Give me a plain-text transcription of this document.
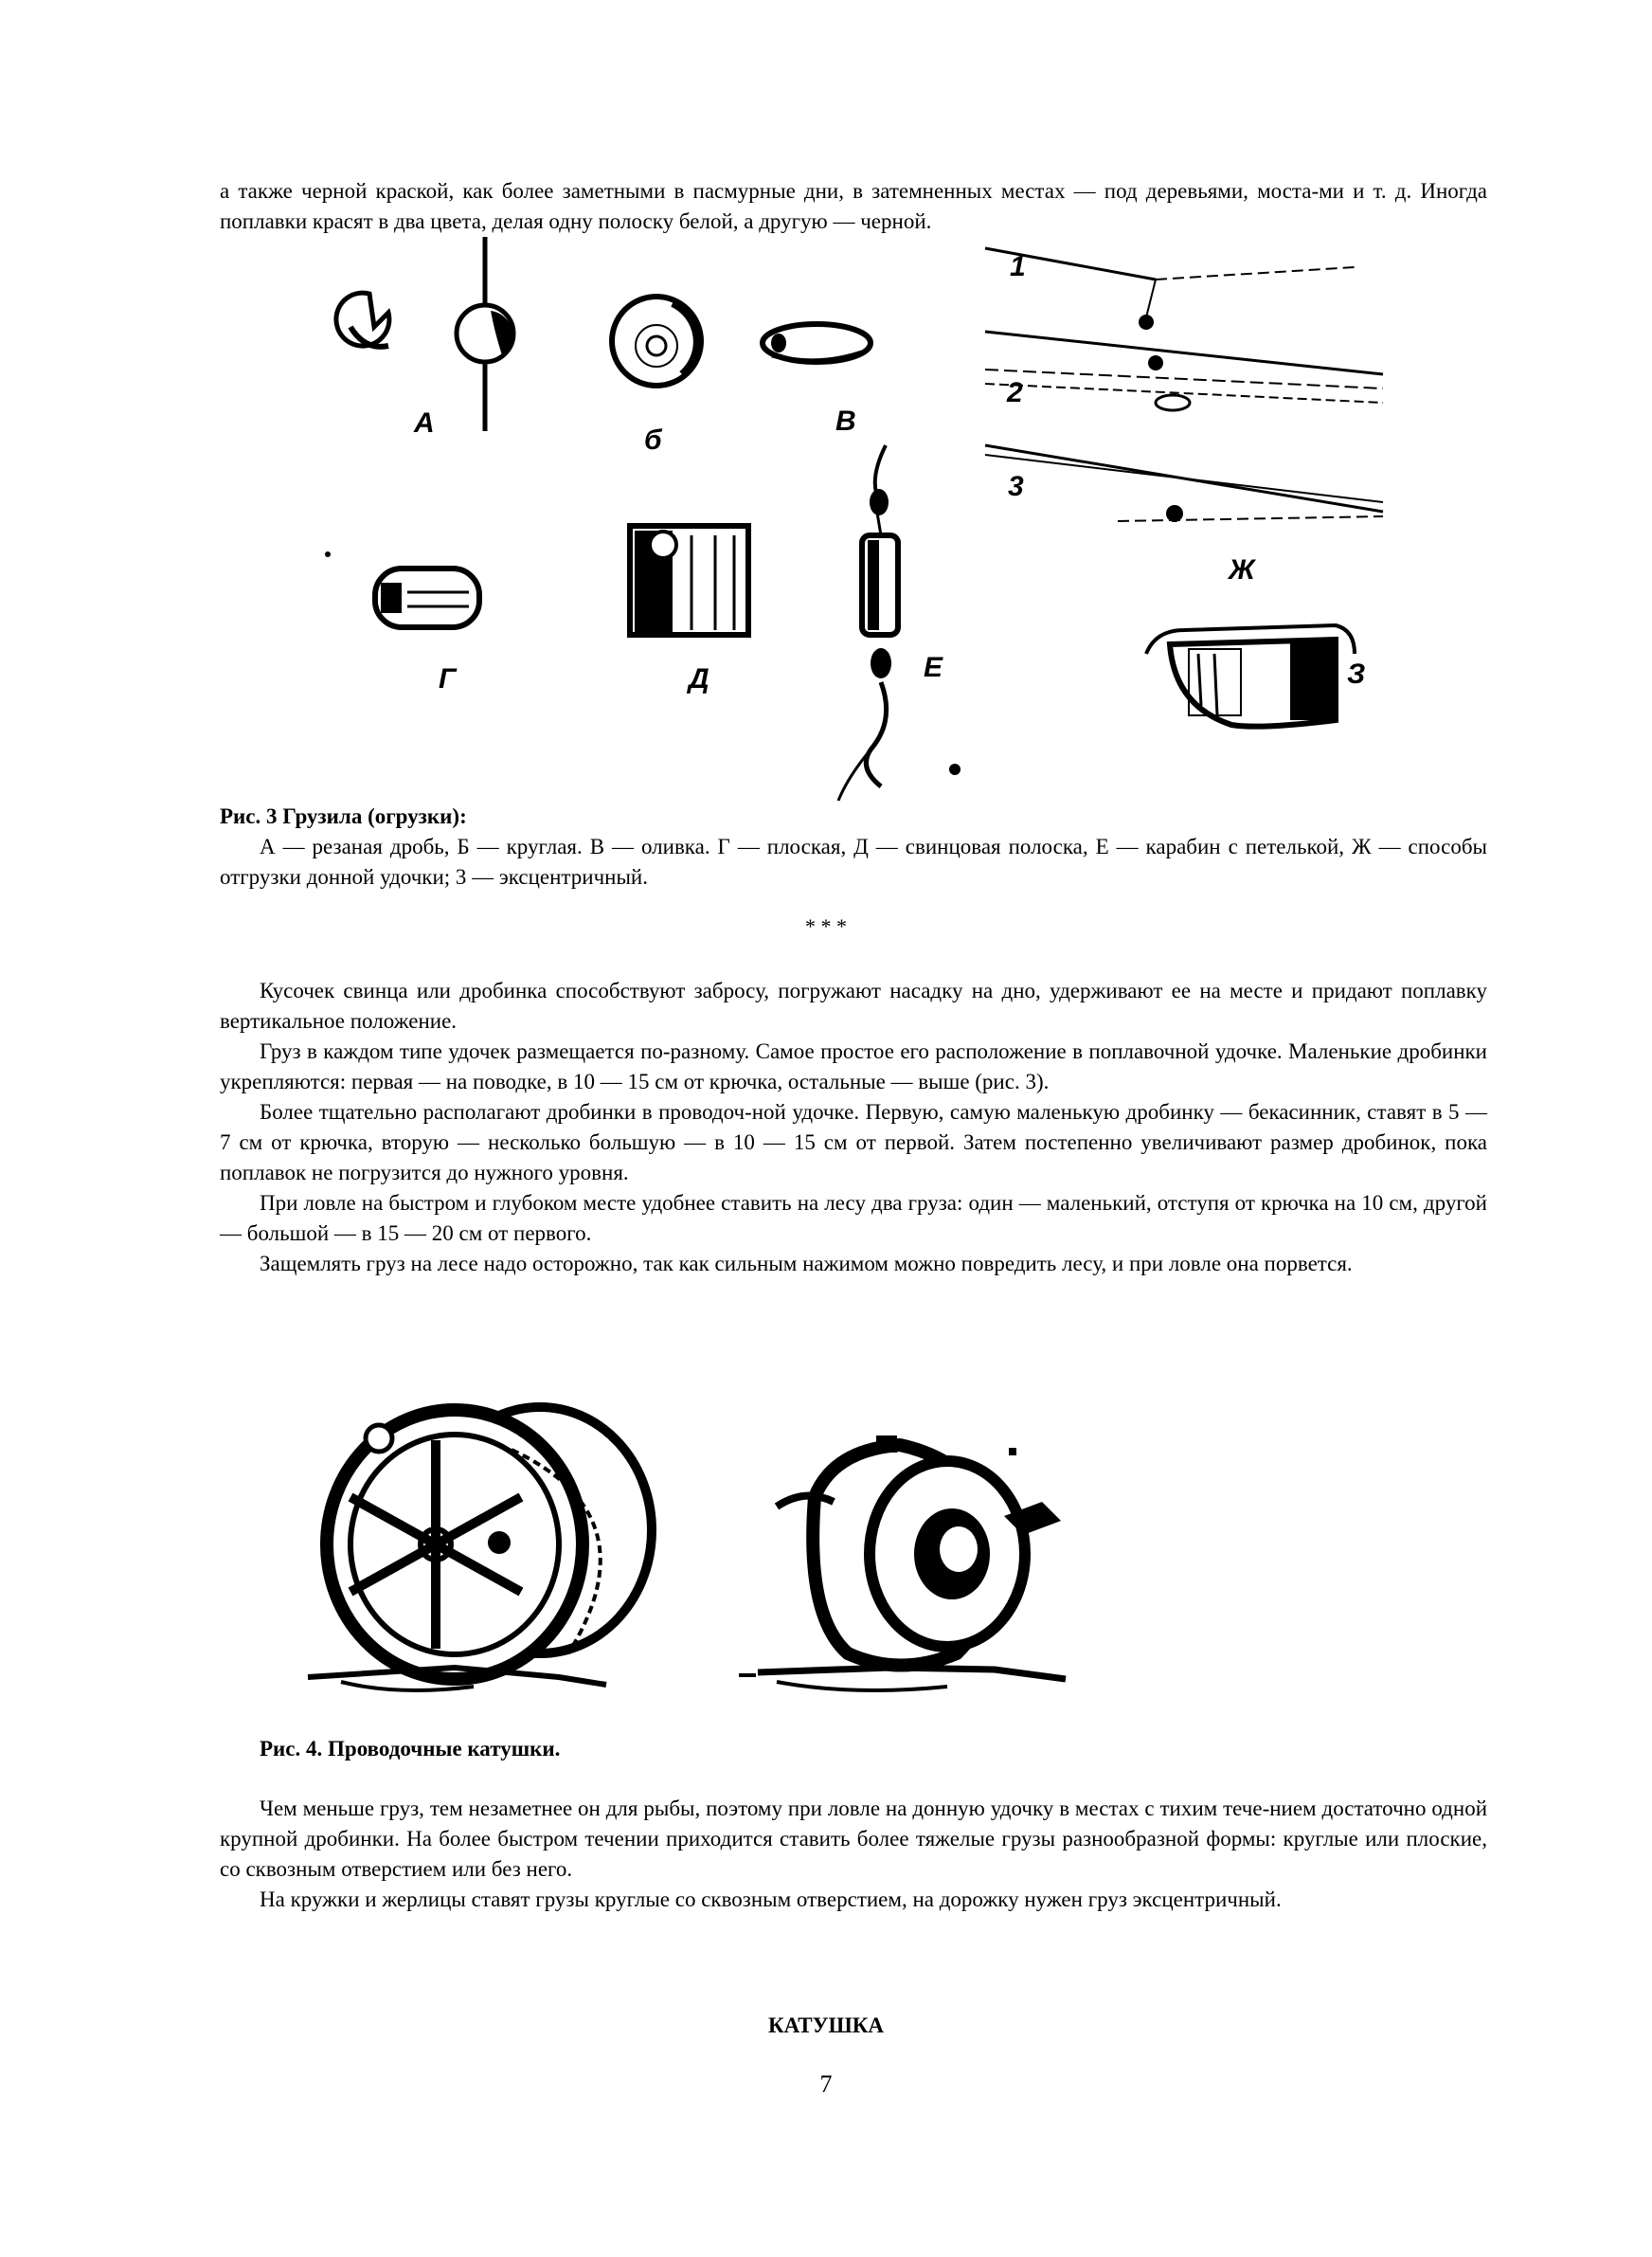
а также черной краской, как более заметными в пасмурные дни, в затемненных местах — под деревьями, моста-ми и т. д. Иногда поплавки красят в два цвета, делая одну полоску белой, а другую — черной.

А
б
В
Г	Д	Е
Ж
З
1
2
3

Рис. 3 Грузила (огрузки):

А — резаная дробь, Б — круглая. В — оливка. Г — плоская, Д — свинцовая полоска, Е — карабин с петелькой, Ж — способы отгрузки донной удочки; 3 — эксцентричный.

* * *

Кусочек свинца или дробинка способствуют забросу, погружают насадку на дно, удерживают ее на месте и придают поплавку вертикальное положение.

Груз в каждом типе удочек размещается по-разному. Самое простое его расположение в поплавочной удочке. Маленькие дробинки укрепляются: первая — на поводке, в 10 — 15 см от крючка, остальные — выше (рис. 3).

Более тщательно располагают дробинки в проводоч-ной удочке. Первую, самую маленькую дробинку — бекасинник, ставят в 5 — 7 см от крючка, вторую — несколько большую — в 10 — 15 см от первой. Затем постепенно увеличивают размер дробинок, пока поплавок не погрузится до нужного уровня.

При ловле на быстром и глубоком месте удобнее ставить на лесу два груза: один — маленький, отступя от крючка на 10 см, другой — большой — в 15 — 20 см от первого.

Защемлять груз на лесе надо осторожно, так как сильным нажимом можно повредить лесу, и при ловле она порвется.

Рис. 4. Проводочные катушки.

Чем меньше груз, тем незаметнее он для рыбы, поэтому при ловле на донную удочку в местах с тихим тече-нием достаточно одной крупной дробинки. На более быстром течении приходится ставить более тяжелые грузы разнообразной формы: круглые или плоские, со сквозным отверстием или без него.

На кружки и жерлицы ставят грузы круглые со сквозным отверстием, на дорожку нужен груз эксцентричный.

КАТУШКА
7
